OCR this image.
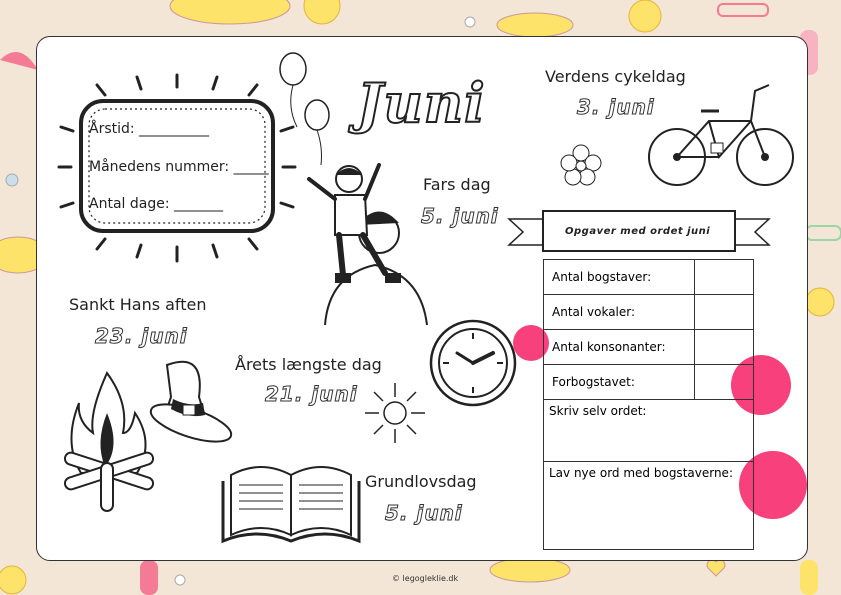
Juni
Årstid: __________
Månedens nummer: _____
Antal dage: _______
Verdens cykeldag
3. juni
Fars dag
5. juni
Opgaver med ordet juni
Antal bogstaver:	
Antal vokaler:	
Antal konsonanter:	
Forbogstavet:	
Skriv selv ordet:	
Lav nye ord med bogstaverne:	
Sankt Hans aften
23. juni
Årets længste dag
21. juni
Grundlovsdag
5. juni
© legogleklie.dk
